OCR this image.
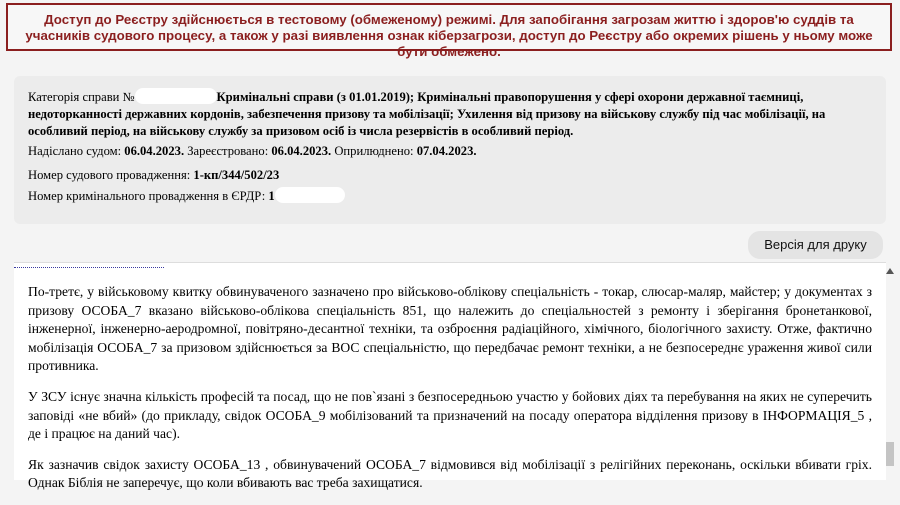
Доступ до Реєстру здійснюється в тестовому (обмеженому) режимі. Для запобігання загрозам життю і здоров'ю суддів та учасників судового процесу, а також у разі виявлення ознак кіберзагрози, доступ до Реєстру або окремих рішень у ньому може бути обмежено.
Категорія справи №	Кримінальні справи (з 01.01.2019); Кримінальні правопорушення у сфері охорони державної таємниці, недоторканності державних кордонів, забезпечення призову та мобілізації; Ухилення від призову на військову службу під час мобілізації, на особливий період, на військову службу за призовом осіб із числа резервістів в особливий період.
Надіслано судом: 06.04.2023. Зареєстровано: 06.04.2023. Оприлюднено: 07.04.2023.
Номер судового провадження: 1-кп/344/502/23
Номер кримінального провадження в ЄРДР: 1
Версія для друку

По-третє, у військовому квитку обвинуваченого зазначено про військово-облікову спеціальність - токар, слюсар-маляр, майстер; у документах з призову ОСОБА_7 вказано військово-облікова спеціальність 851, що належить до спеціальностей з ремонту і зберігання бронетанкової, інженерної, інженерно-аеродромної, повітряно-десантної техніки, та озброєння радіаційного, хімічного, біологічного захисту. Отже, фактично мобілізація ОСОБА_7 за призовом здійснюється за ВОС спеціальністю, що передбачає ремонт техніки, а не безпосереднє ураження живої сили противника.

У ЗСУ існує значна кількість професій та посад, що не пов`язані з безпосередньою участю у бойових діях та перебування на яких не суперечить заповіді «не вбий» (до прикладу, свідок ОСОБА_9 мобілізований та призначений на посаду оператора відділення призову в ІНФОРМАЦІЯ_5 , де і працює на даний час).

Як зазначив свідок захисту ОСОБА_13 , обвинувачений ОСОБА_7 відмовився від мобілізації з релігійних переконань, оскільки вбивати гріх. Однак Біблія не заперечує, що коли вбивають вас треба захищатися.
